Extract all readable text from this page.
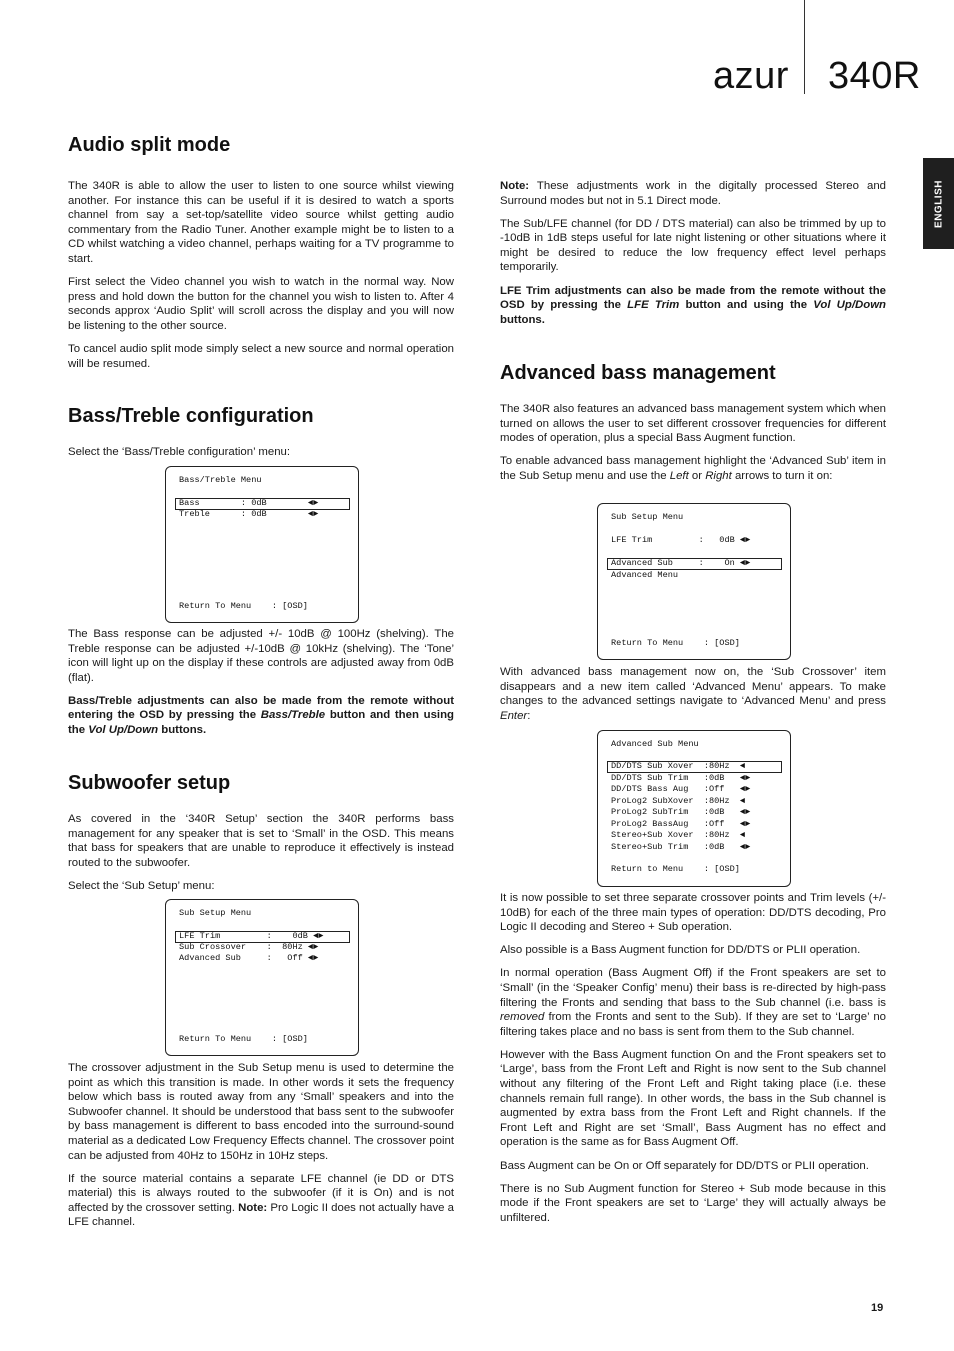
azur 340R
ENGLISH
Audio split mode

The 340R is able to allow the user to listen to one source whilst viewing another. For instance this can be useful if it is desired to watch a sports channel from say a set-top/satellite video source whilst getting audio commentary from the Radio Tuner. Another example might be to listen to a CD whilst watching a video channel, perhaps waiting for a TV programme to start.

First select the Video channel you wish to watch in the normal way. Now press and hold down the button for the channel you wish to listen to. After 4 seconds approx ‘Audio Split’ will scroll across the display and you will now be listening to the other source.

To cancel audio split mode simply select a new source and normal operation will be resumed.

Bass/Treble configuration

Select the ‘Bass/Treble configuration’ menu:

Bass/Treble Menu
Bass        : 0dB        ◄►
Treble      : 0dB        ◄►
Return To Menu    : [OSD]

The Bass response can be adjusted +/- 10dB @ 100Hz (shelving). The Treble response can be adjusted +/-10dB @ 10kHz (shelving). The ‘Tone’ icon will light up on the display if these controls are adjusted away from 0dB (flat).

Bass/Treble adjustments can also be made from the remote without entering the OSD by pressing the Bass/Treble button and then using the Vol Up/Down buttons.

Subwoofer setup

As covered in the ‘340R Setup’ section the 340R performs bass management for any speaker that is set to ‘Small’ in the OSD. This means that bass for speakers that are unable to reproduce it effectively is instead routed to the subwoofer.

Select the ‘Sub Setup’ menu:

Sub Setup Menu
LFE Trim         :    0dB ◄►
Sub Crossover    :  80Hz ◄►
Advanced Sub     :   Off ◄►
Return To Menu    : [OSD]

The crossover adjustment in the Sub Setup menu is used to determine the point as which this transition is made. In other words it sets the frequency below which bass is routed away from any ‘Small’ speakers and into the Subwoofer channel. It should be understood that bass sent to the subwoofer by bass management is different to bass encoded into the surround-sound material as a dedicated Low Frequency Effects channel. The crossover point can be adjusted from 40Hz to 150Hz in 10Hz steps.

If the source material contains a separate LFE channel (ie DD or DTS material) this is always routed to the subwoofer (if it is On) and is not affected by the crossover setting. Note: Pro Logic II does not actually have a LFE channel.

Note: These adjustments work in the digitally processed Stereo and Surround modes but not in 5.1 Direct mode.

The Sub/LFE channel (for DD / DTS material) can also be trimmed by up to -10dB in 1dB steps useful for late night listening or other situations where it might be desired to reduce the low frequency effect level perhaps temporarily.

LFE Trim adjustments can also be made from the remote without the OSD by pressing the LFE Trim button and using the Vol Up/Down buttons.

Advanced bass management

The 340R also features an advanced bass management system which when turned on allows the user to set different crossover frequencies for different modes of operation, plus a special Bass Augment function.

To enable advanced bass management highlight the ‘Advanced Sub’ item in the Sub Setup menu and use the Left or Right arrows to turn it on:

Sub Setup Menu
LFE Trim         :   0dB ◄►
Advanced Sub     :    On ◄►
Advanced Menu
Return To Menu    : [OSD]

With advanced bass management now on, the ‘Sub Crossover’ item disappears and a new item called ‘Advanced Menu’ appears. To make changes to the advanced settings navigate to ‘Advanced Menu’ and press Enter:

Advanced Sub Menu
DD/DTS Sub Xover  :80Hz  ◄
DD/DTS Sub Trim   :0dB   ◄►
DD/DTS Bass Aug   :Off   ◄►
ProLog2 SubXover  :80Hz  ◄
ProLog2 SubTrim   :0dB   ◄►
ProLog2 BassAug   :Off   ◄►
Stereo+Sub Xover  :80Hz  ◄
Stereo+Sub Trim   :0dB   ◄►
Return to Menu    : [OSD]

It is now possible to set three separate crossover points and Trim levels (+/- 10dB) for each of the three main types of operation: DD/DTS decoding, Pro Logic II decoding and Stereo + Sub operation.

Also possible is a Bass Augment function for DD/DTS or PLII operation.

In normal operation (Bass Augment Off) if the Front speakers are set to ‘Small’ (in the ‘Speaker Config’ menu) their bass is re-directed by high-pass filtering the Fronts and sending that bass to the Sub channel (i.e. bass is removed from the Fronts and sent to the Sub). If they are set to ‘Large’ no filtering takes place and no bass is sent from them to the Sub channel.

However with the Bass Augment function On and the Front speakers set to ‘Large’, bass from the Front Left and Right is now sent to the Sub channel without any filtering of the Front Left and Right taking place (i.e. these channels remain full range). In other words, the bass in the Sub channel is augmented by extra bass from the Front Left and Right channels. If the Front Left and Right are set ‘Small’, Bass Augment has no effect and operation is the same as for Bass Augment Off.

Bass Augment can be On or Off separately for DD/DTS or PLII operation.

There is no Sub Augment function for Stereo + Sub mode because in this mode if the Front speakers are set to ‘Large’ they will actually always be unfiltered.

19
